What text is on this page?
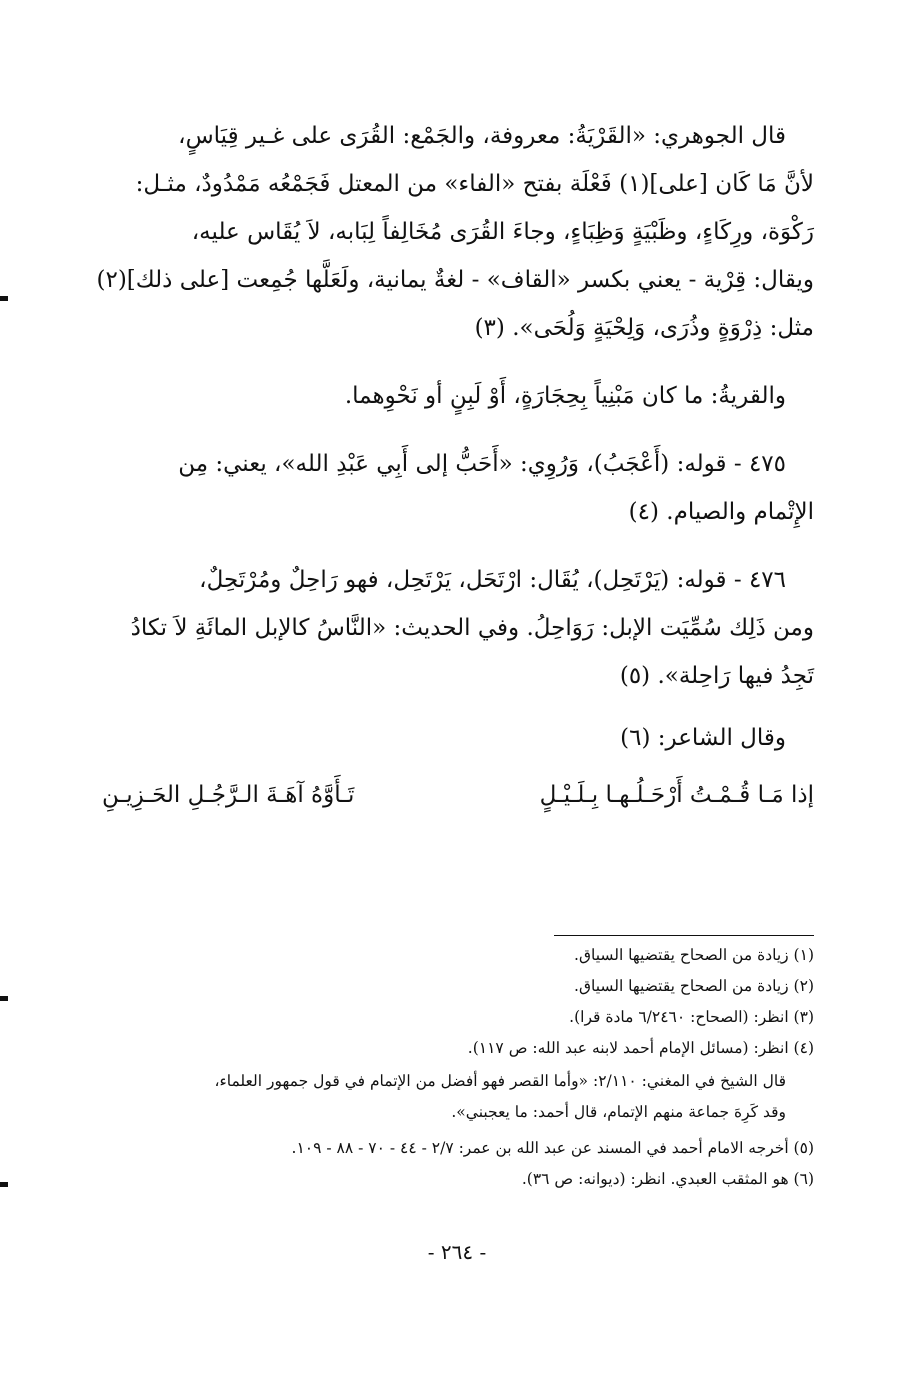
قال الجوهري: «القَرْيَةُ: معروفة، والجَمْع: القُرَى على غـير قِيَاسٍ،
لأنَّ مَا كَان [على](١) فَعْلَة بفتح «الفاء» من المعتل فَجَمْعُه مَمْدُودٌ، مثـل:
رَكْوَة، ورِكَاءٍ، وظَبْيَةٍ وَظِبَاءٍ، وجاءَ القُرَى مُخَالِفاً لِبَابه، لاَ يُقَاس عليه،
ويقال: قِرْية - يعني بكسر «القاف» - لغةٌ يمانية، ولَعَلَّها جُمِعت [على ذلك](٢)
مثل: ذِرْوَةٍ وذُرَى، وَلِحْيَةٍ وَلُحَى». (٣)
والقريةُ: ما كان مَبْنِياً بِحِجَارَةٍ، أَوْ لَبِنٍ أو نَحْوِهما.
٤٧٥ - قوله: (أَعْجَبُ)، وَرُوِي: «أَحَبُّ إلى أَبِي عَبْدِ الله»، يعني: مِن
الإِتْمام والصيام. (٤)
٤٧٦ - قوله: (يَرْتَحِل)، يُقَال: ارْتَحَل، يَرْتَحِل، فهو رَاحِلٌ ومُرْتَحِلٌ،
ومن ذَلِك سُمِّيَت الإبل: رَوَاحِلُ. وفي الحديث: «النَّاسُ كالإبل المائَةِ لاَ تكادُ
تَجِدُ فيها رَاحِلة». (٥)
وقال الشاعر: (٦)
إذا مَـا قُـمْـتُ أَرْحَـلُـهـا بِـلَـيْـلٍ
تَـأَوَّهُ آهَـةَ الـرَّجُـلِ الحَـزِيـنِ
(١) زيادة من الصحاح يقتضيها السياق.
(٢) زيادة من الصحاح يقتضيها السياق.
(٣) انظر: (الصحاح: ٦/٢٤٦٠ مادة قرا).
(٤) انظر: (مسائل الإمام أحمد لابنه عبد الله: ص ١١٧).
قال الشيخ في المغني: ٢/١١٠: «وأما القصر فهو أفضل من الإتمام في قول جمهور العلماء،
وقد كَرِهَ جماعة منهم الإتمام، قال أحمد: ما يعجبني».
(٥) أخرجه الامام أحمد في المسند عن عبد الله بن عمر: ٢/٧ - ٤٤ - ٧٠ - ٨٨ - ١٠٩.
(٦) هو المثقب العبدي. انظر: (ديوانه: ص ٣٦).
- ٢٦٤ -
